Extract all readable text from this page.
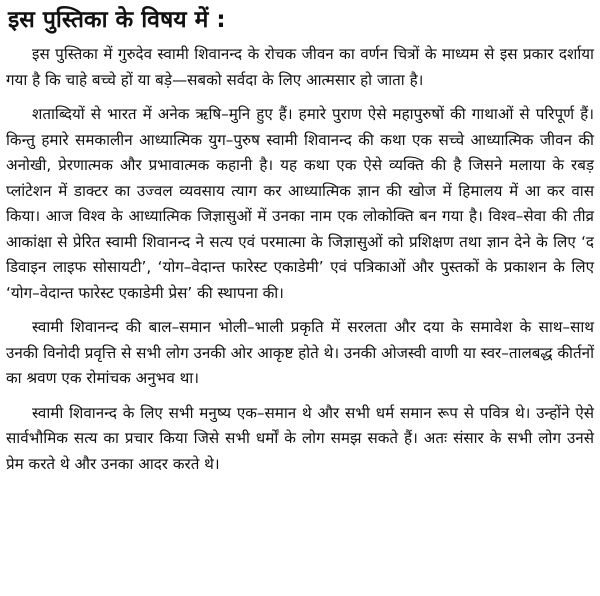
इस पुस्तिका के विषय में :

इस पुस्तिका में गुरुदेव स्वामी शिवानन्द के रोचक जीवन का वर्णन चित्रों के माध्यम से इस प्रकार दर्शाया गया है कि चाहे बच्चे हों या बड़े—सबको सर्वदा के लिए आत्मसार हो जाता है।

शताब्दियों से भारत में अनेक ऋषि–मुनि हुए हैं। हमारे पुराण ऐसे महापुरुषों की गाथाओं से परिपूर्ण हैं। किन्तु हमारे समकालीन आध्यात्मिक युग–पुरुष स्वामी शिवानन्द की कथा एक सच्चे आध्यात्मिक जीवन की अनोखी, प्रेरणात्मक और प्रभावात्मक कहानी है। यह कथा एक ऐसे व्यक्ति की है जिसने मलाया के रबड़ प्लांटेशन में डाक्टर का उज्वल व्यवसाय त्याग कर आध्यात्मिक ज्ञान की खोज में हिमालय में आ कर वास किया। आज विश्व के आध्यात्मिक जिज्ञासुओं में उनका नाम एक लोकोक्ति बन गया है। विश्व–सेवा की तीव्र आकांक्षा से प्रेरित स्वामी शिवानन्द ने सत्य एवं परमात्मा के जिज्ञासुओं को प्रशिक्षण तथा ज्ञान देने के लिए ‘द डिवाइन लाइफ सोसायटी’, ‘योग–वेदान्त फारेस्ट एकाडेमी’ एवं पत्रिकाओं और पुस्तकों के प्रकाशन के लिए ‘योग–वेदान्त फारेस्ट एकाडेमी प्रेस’ की स्थापना की।

स्वामी शिवानन्द की बाल–समान भोली–भाली प्रकृति में सरलता और दया के समावेश के साथ–साथ उनकी विनोदी प्रवृत्ति से सभी लोग उनकी ओर आकृष्ट होते थे। उनकी ओजस्वी वाणी या स्वर–तालबद्ध कीर्तनों का श्रवण एक रोमांचक अनुभव था।

स्वामी शिवानन्द के लिए सभी मनुष्य एक–समान थे और सभी धर्म समान रूप से पवित्र थे। उन्होंने ऐसे सार्वभौमिक सत्य का प्रचार किया जिसे सभी धर्मों के लोग समझ सकते हैं। अतः संसार के सभी लोग उनसे प्रेम करते थे और उनका आदर करते थे।
